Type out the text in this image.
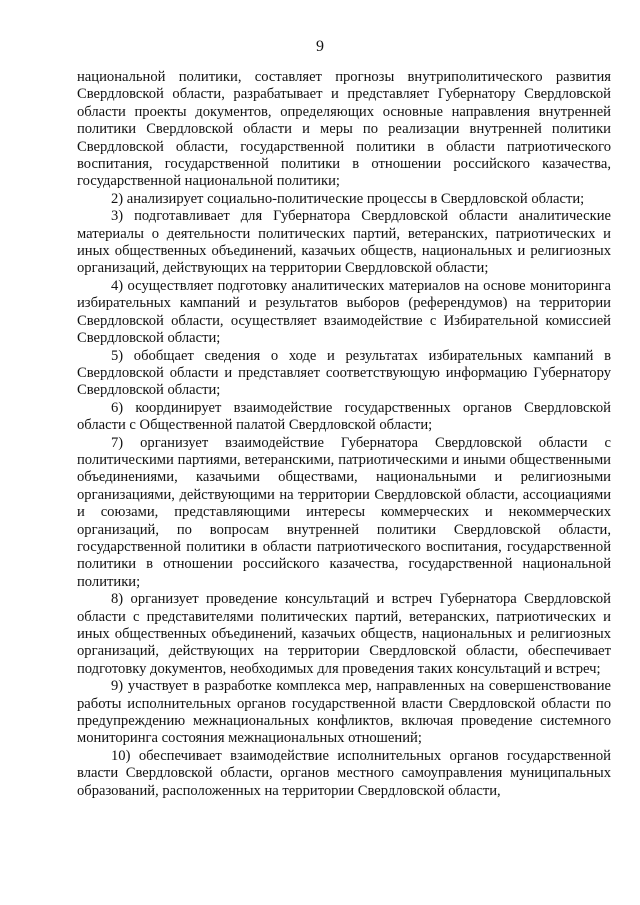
9

национальной политики, составляет прогнозы внутриполитического развития Свердловской области, разрабатывает и представляет Губернатору Свердловской области проекты документов, определяющих основные направления внутренней политики Свердловской области и меры по реализации внутренней политики Свердловской области, государственной политики в области патриотического воспитания, государственной политики в отношении российского казачества, государственной национальной политики;

2) анализирует социально-политические процессы в Свердловской области;

3) подготавливает для Губернатора Свердловской области аналитические материалы о деятельности политических партий, ветеранских, патриотических и иных общественных объединений, казачьих обществ, национальных и религиозных организаций, действующих на территории Свердловской области;

4) осуществляет подготовку аналитических материалов на основе мониторинга избирательных кампаний и результатов выборов (референдумов) на территории Свердловской области, осуществляет взаимодействие с Избирательной комиссией Свердловской области;

5) обобщает сведения о ходе и результатах избирательных кампаний в Свердловской области и представляет соответствующую информацию Губернатору Свердловской области;

6) координирует взаимодействие государственных органов Свердловской области с Общественной палатой Свердловской области;

7) организует взаимодействие Губернатора Свердловской области с политическими партиями, ветеранскими, патриотическими и иными общественными объединениями, казачьими обществами, национальными и религиозными организациями, действующими на территории Свердловской области, ассоциациями и союзами, представляющими интересы коммерческих и некоммерческих организаций, по вопросам внутренней политики Свердловской области, государственной политики в области патриотического воспитания, государственной политики в отношении российского казачества, государственной национальной политики;

8) организует проведение консультаций и встреч Губернатора Свердловской области с представителями политических партий, ветеранских, патриотических и иных общественных объединений, казачьих обществ, национальных и религиозных организаций, действующих на территории Свердловской области, обеспечивает подготовку документов, необходимых для проведения таких консультаций и встреч;

9) участвует в разработке комплекса мер, направленных на совершенствование работы исполнительных органов государственной власти Свердловской области по предупреждению межнациональных конфликтов, включая проведение системного мониторинга состояния межнациональных отношений;

10) обеспечивает взаимодействие исполнительных органов государственной власти Свердловской области, органов местного самоуправления муниципальных образований, расположенных на территории Свердловской области,
